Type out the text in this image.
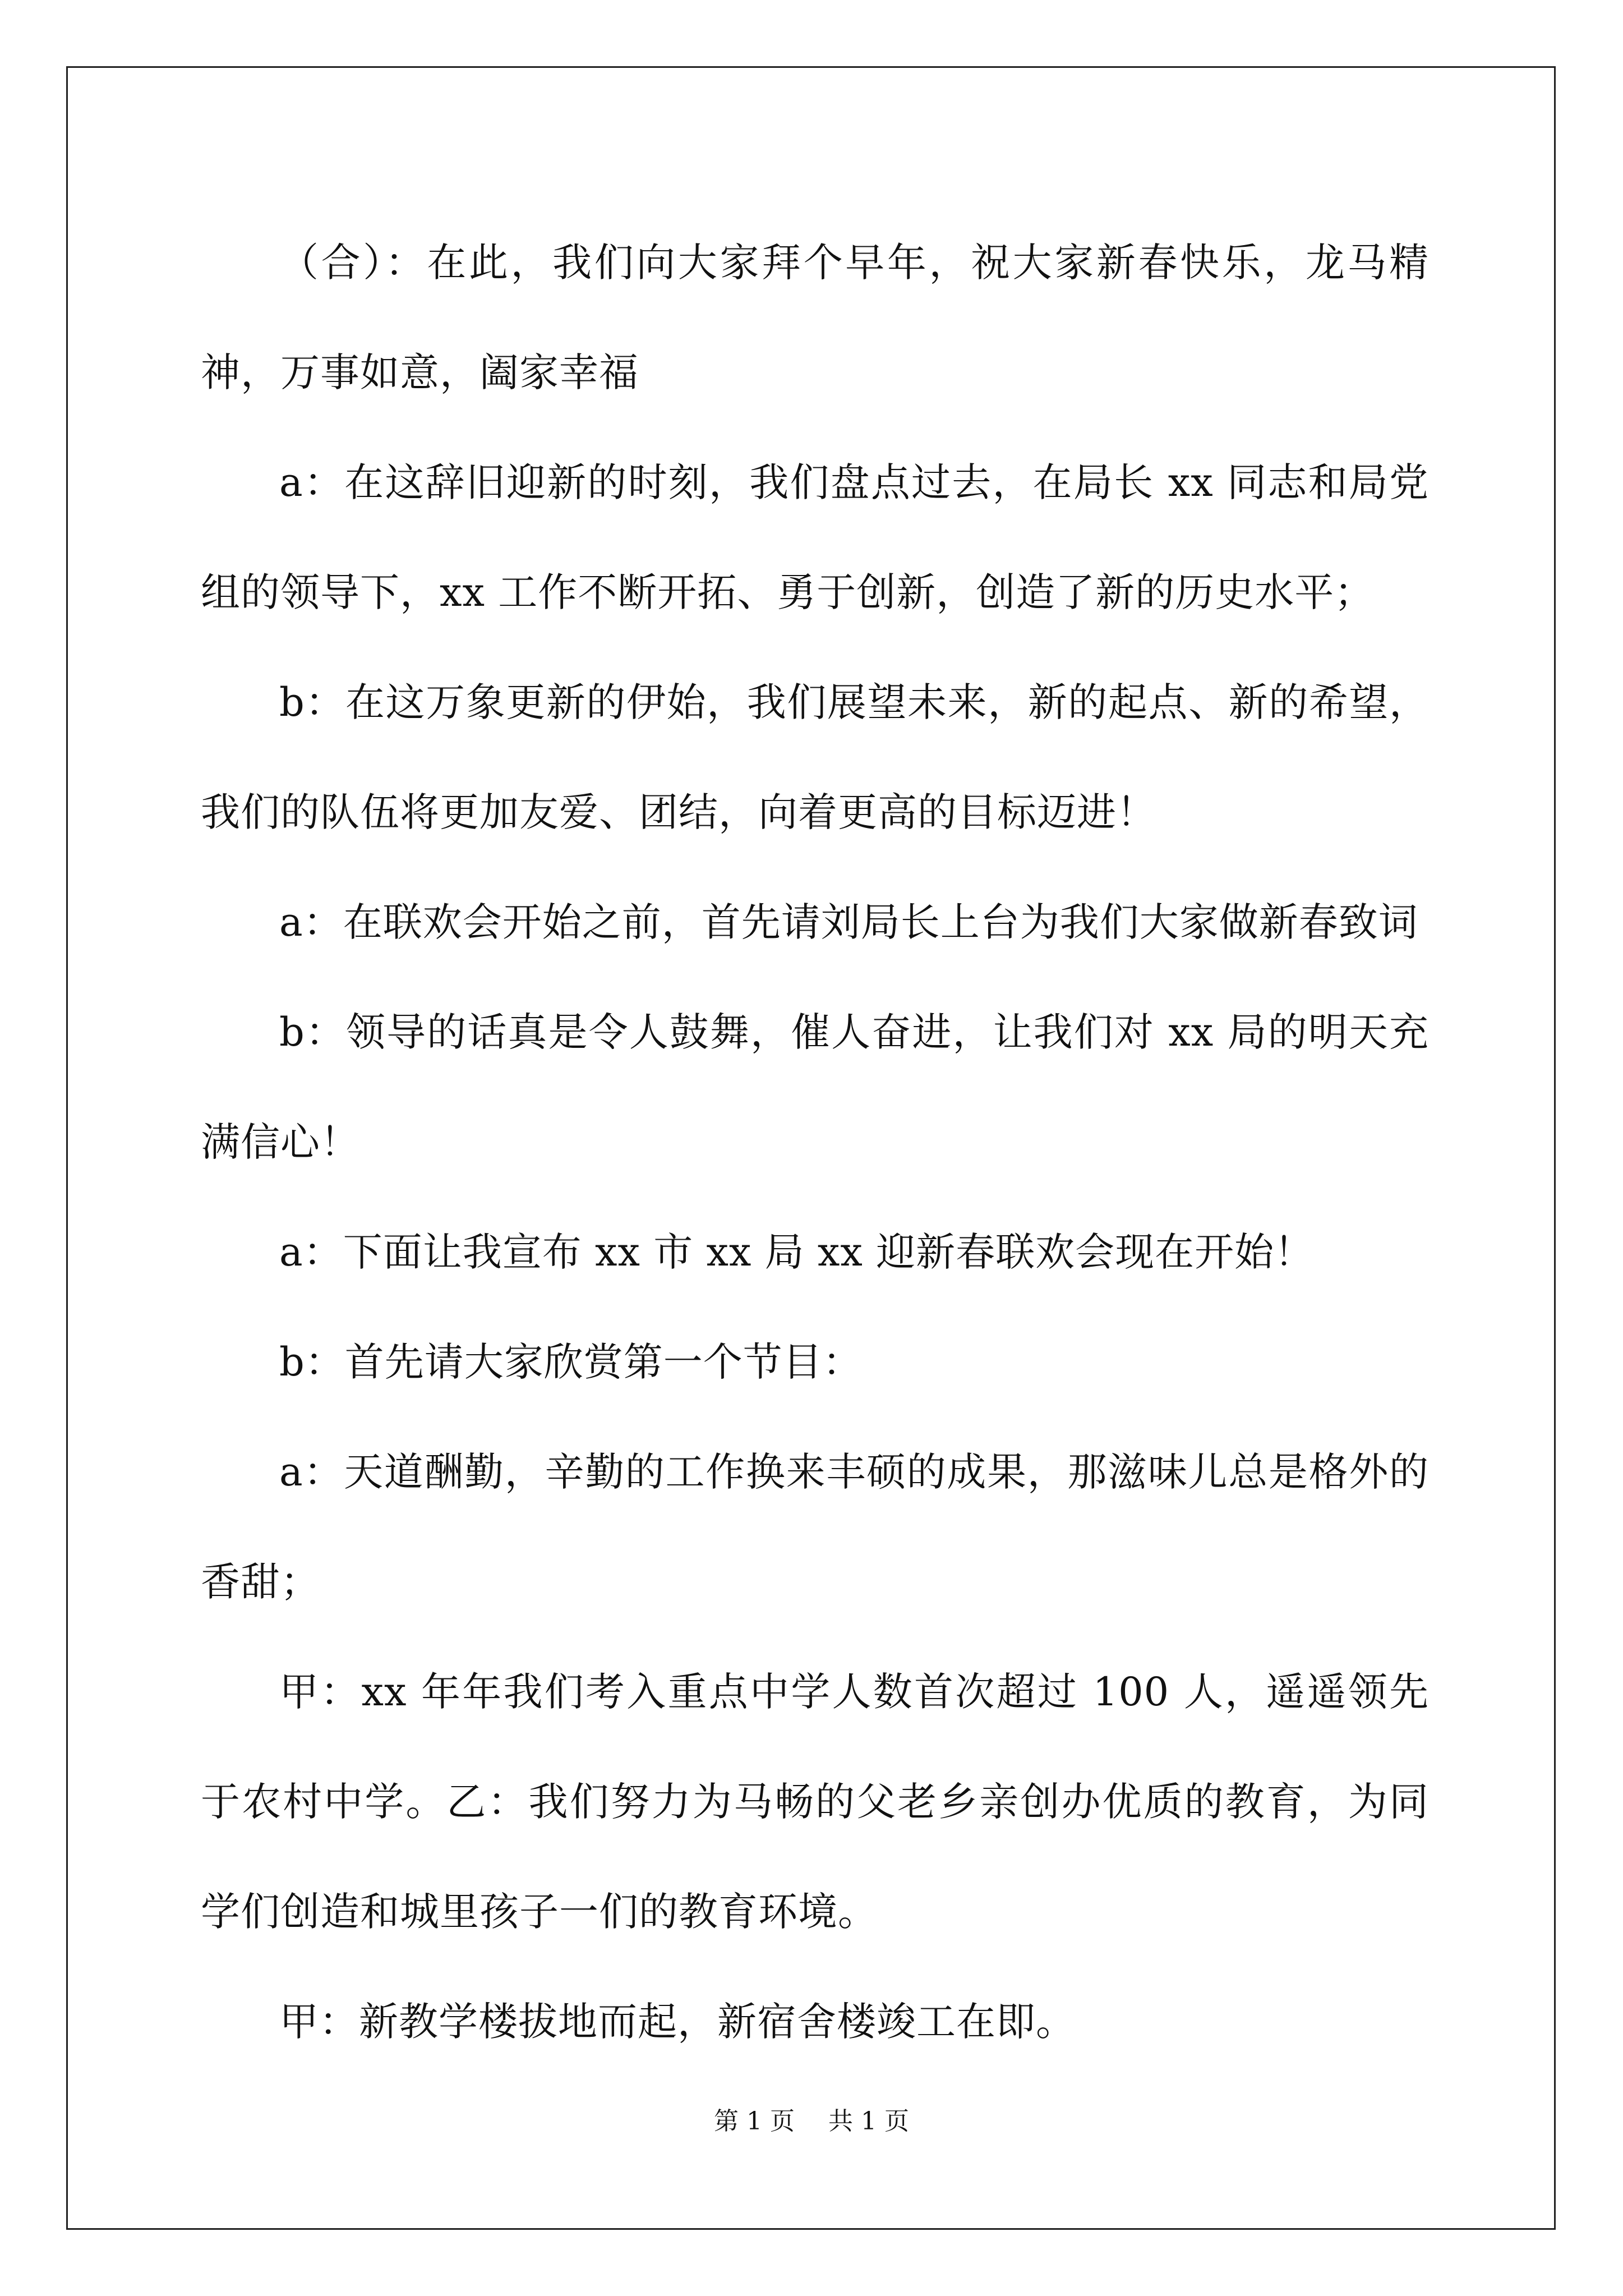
（合）：在此，我们向大家拜个早年，祝大家新春快乐，龙马精神，万事如意，阖家幸福

a：在这辞旧迎新的时刻，我们盘点过去，在局长 xx 同志和局党组的领导下，xx 工作不断开拓、勇于创新，创造了新的历史水平；

b：在这万象更新的伊始，我们展望未来，新的起点、新的希望，我们的队伍将更加友爱、团结，向着更高的目标迈进！

a：在联欢会开始之前，首先请刘局长上台为我们大家做新春致词

b：领导的话真是令人鼓舞，催人奋进，让我们对 xx 局的明天充满信心！

a：下面让我宣布 xx 市 xx 局 xx 迎新春联欢会现在开始！

b：首先请大家欣赏第一个节目：

a：天道酬勤，辛勤的工作换来丰硕的成果，那滋味儿总是格外的香甜；

甲：xx 年年我们考入重点中学人数首次超过 100 人，遥遥领先于农村中学。乙：我们努力为马畅的父老乡亲创办优质的教育，为同学们创造和城里孩子一们的教育环境。

甲：新教学楼拔地而起，新宿舍楼竣工在即。

第 1 页 共 1 页
